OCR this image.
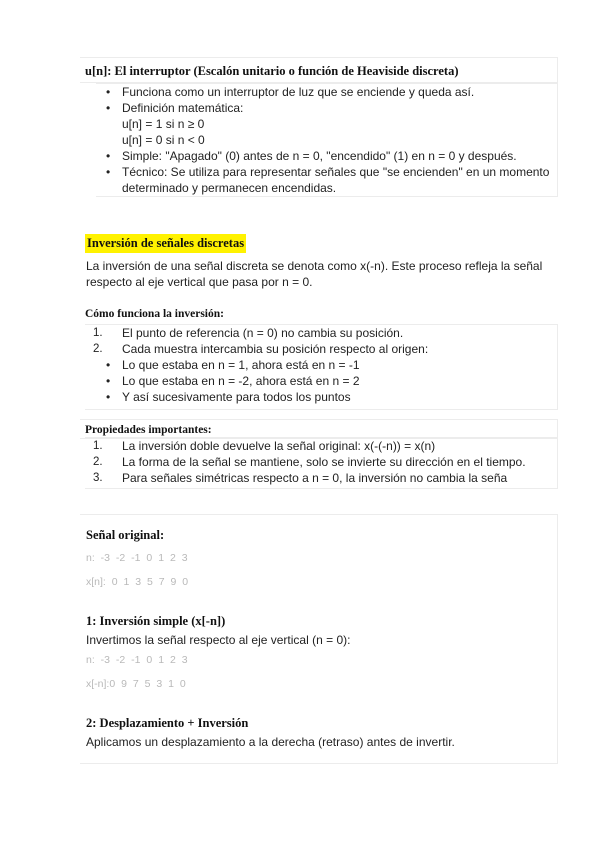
u[n]: El interruptor (Escalón unitario o función de Heaviside discreta)
• Funciona como un interruptor de luz que se enciende y queda así.
• Definición matemática:
u[n] = 1 si n ≥ 0
u[n] = 0 si n < 0
• Simple: "Apagado" (0) antes de n = 0, "encendido" (1) en n = 0 y después.
• Técnico: Se utiliza para representar señales que "se encienden" en un momento
determinado y permanecen encendidas.
Inversión de señales discretas
La inversión de una señal discreta se denota como x(-n). Este proceso refleja la señal
respecto al eje vertical que pasa por n = 0.
Cómo funciona la inversión:
1. El punto de referencia (n = 0) no cambia su posición.
2. Cada muestra intercambia su posición respecto al origen:
• Lo que estaba en n = 1, ahora está en n = -1
• Lo que estaba en n = -2, ahora está en n = 2
• Y así sucesivamente para todos los puntos
Propiedades importantes:
1. La inversión doble devuelve la señal original: x(-(-n)) = x(n)
2. La forma de la señal se mantiene, solo se invierte su dirección en el tiempo.
3. Para señales simétricas respecto a n = 0, la inversión no cambia la seña
Señal original:
n: -3 -2 -1 0 1 2 3
x[n]: 0 1 3 5 7 9 0
1: Inversión simple (x[-n])
Invertimos la señal respecto al eje vertical (n = 0):
n: -3 -2 -1 0 1 2 3
x[-n]:0 9 7 5 3 1 0
2: Desplazamiento + Inversión
Aplicamos un desplazamiento a la derecha (retraso) antes de invertir.
